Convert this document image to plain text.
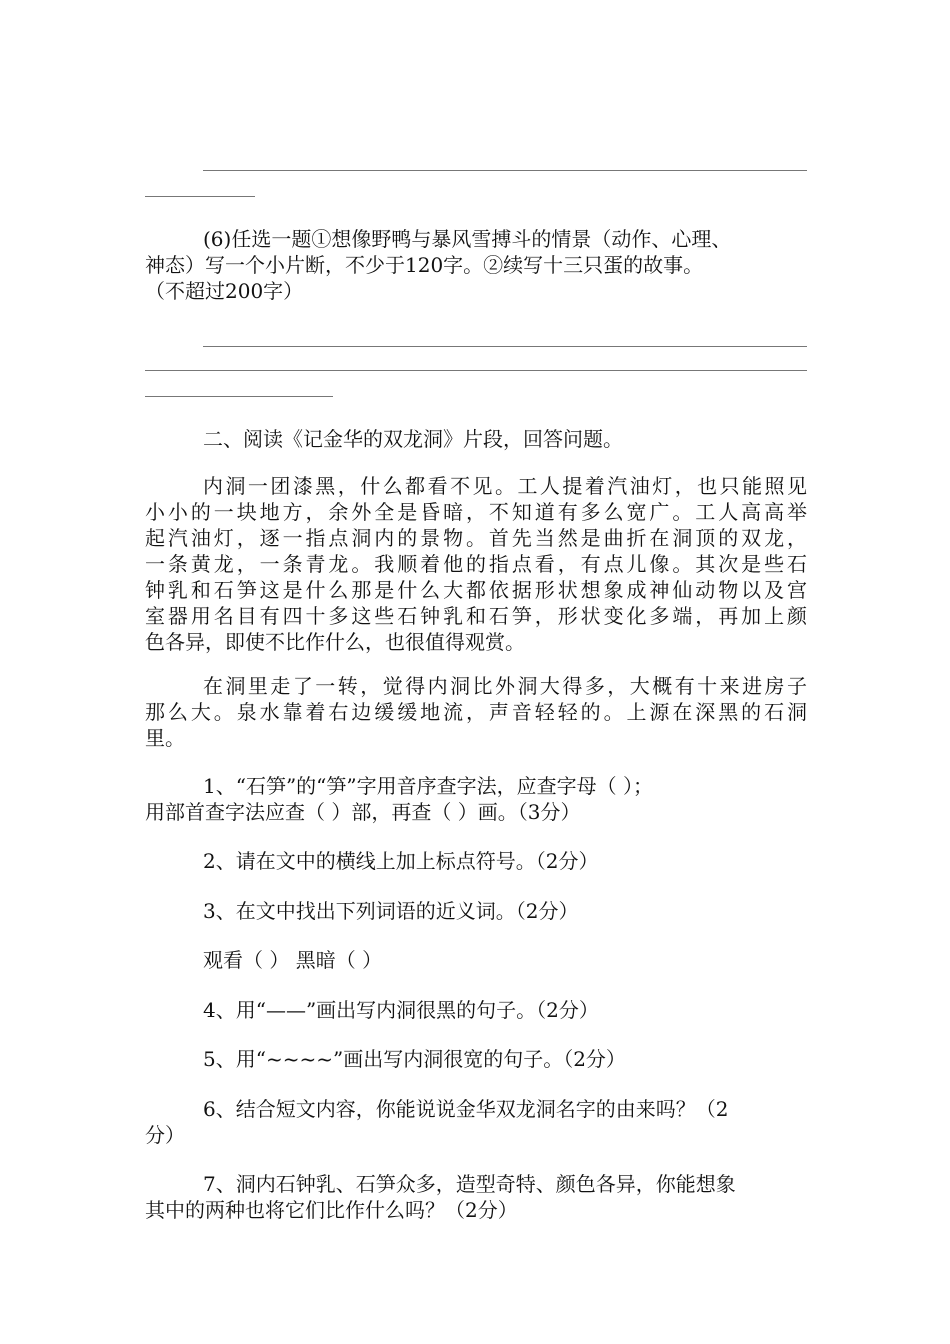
(6)任选一题①想像野鸭与暴风雪搏斗的情景（动作、心理、

神态）写一个小片断，不少于120字。②续写十三只蛋的故事。

（不超过200字）

二、阅读《记金华的双龙洞》片段，回答问题。

内洞一团漆黑，什么都看不见。工人提着汽油灯，也只能照见
小小的一块地方，余外全是昏暗，不知道有多么宽广。工人高高举
起汽油灯，逐一指点洞内的景物。首先当然是曲折在洞顶的双龙，
一条黄龙，一条青龙。我顺着他的指点看，有点儿像。其次是些石
钟乳和石笋这是什么那是什么大都依据形状想象成神仙动物以及宫
室器用名目有四十多这些石钟乳和石笋，形状变化多端，再加上颜
色各异，即使不比作什么，也很值得观赏。
在洞里走了一转，觉得内洞比外洞大得多，大概有十来进房子
那么大。泉水靠着右边缓缓地流，声音轻轻的。上源在深黑的石洞
里。

1、“石笋”的“笋”字用音序查字法，应查字母（ ）；

用部首查字法应查（ ）部，再查（ ）画。（3分）

2、请在文中的横线上加上标点符号。（2分）

3、在文中找出下列词语的近义词。（2分）

观看（ ） 黑暗（ ）

4、用“——”画出写内洞很黑的句子。（2分）

5、用“~~~~”画出写内洞很宽的句子。（2分）

6、结合短文内容，你能说说金华双龙洞名字的由来吗？（2

分）

7、洞内石钟乳、石笋众多，造型奇特、颜色各异，你能想象

其中的两种也将它们比作什么吗？（2分）
